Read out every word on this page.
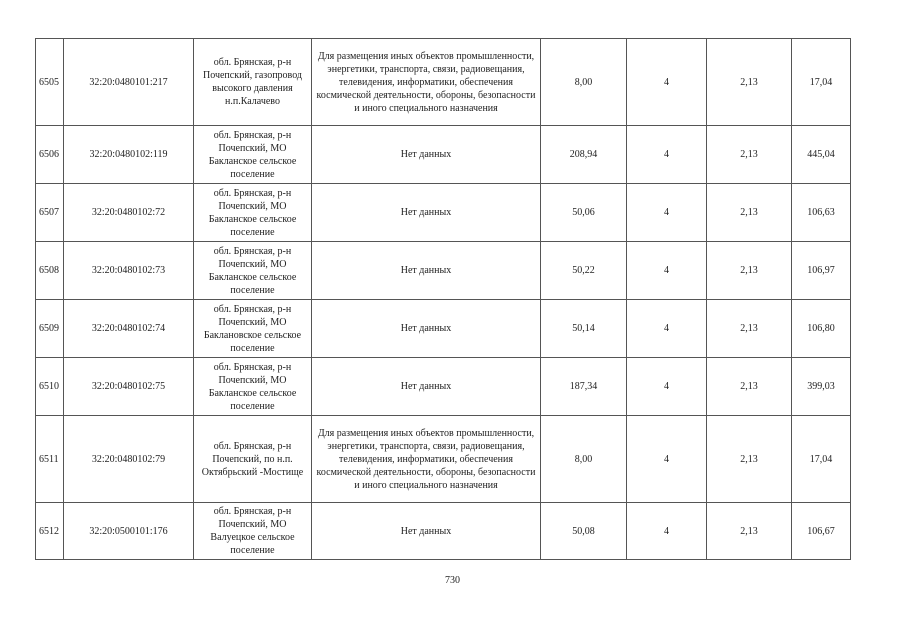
6505	32:20:0480101:217	обл. Брянская, р-н Почепский, газопровод высокого давления н.п.Калачево	Для размещения иных объектов промышленности, энергетики, транспорта, связи, радиовещания, телевидения, информатики, обеспечения космической деятельности, обороны, безопасности и иного специального назначения	8,00	4	2,13	17,04
6506	32:20:0480102:119	обл. Брянская, р-н Почепский, МО Бакланское сельское поселение	Нет данных	208,94	4	2,13	445,04
6507	32:20:0480102:72	обл. Брянская, р-н Почепский, МО Бакланское сельское поселение	Нет данных	50,06	4	2,13	106,63
6508	32:20:0480102:73	обл. Брянская, р-н Почепский, МО Бакланское сельское поселение	Нет данных	50,22	4	2,13	106,97
6509	32:20:0480102:74	обл. Брянская, р-н Почепский, МО Баклановское сельское поселение	Нет данных	50,14	4	2,13	106,80
6510	32:20:0480102:75	обл. Брянская, р-н Почепский, МО Бакланское сельское поселение	Нет данных	187,34	4	2,13	399,03
6511	32:20:0480102:79	обл. Брянская, р-н Почепский, по н.п. Октябрьский -Мостище	Для размещения иных объектов промышленности, энергетики, транспорта, связи, радиовещания, телевидения, информатики, обеспечения космической деятельности, обороны, безопасности и иного специального назначения	8,00	4	2,13	17,04
6512	32:20:0500101:176	обл. Брянская, р-н Почепский, МО Валуецкое сельское поселение	Нет данных	50,08	4	2,13	106,67
730
